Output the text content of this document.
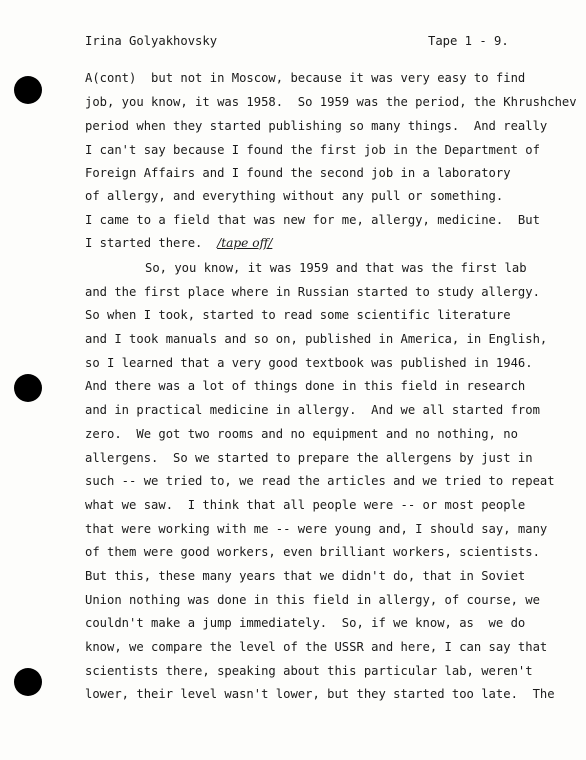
Irina Golyakhovsky	Tape 1 - 9.
A(cont)  but not in Moscow, because it was very easy to find
job, you know, it was 1958.  So 1959 was the period, the Khrushchev
period when they started publishing so many things.  And really
I can't say because I found the first job in the Department of
Foreign Affairs and I found the second job in a laboratory
of allergy, and everything without any pull or something.
I came to a field that was new for me, allergy, medicine.  But
I started there. /tape off/
So, you know, it was 1959 and that was the first lab
and the first place where in Russian started to study allergy.
So when I took, started to read some scientific literature
and I took manuals and so on, published in America, in English,
so I learned that a very good textbook was published in 1946.
And there was a lot of things done in this field in research
and in practical medicine in allergy.  And we all started from
zero.  We got two rooms and no equipment and no nothing, no
allergens.  So we started to prepare the allergens by just in
such -- we tried to, we read the articles and we tried to repeat
what we saw.  I think that all people were -- or most people
that were working with me -- were young and, I should say, many
of them were good workers, even brilliant workers, scientists.
But this, these many years that we didn't do, that in Soviet
Union nothing was done in this field in allergy, of course, we
couldn't make a jump immediately.  So, if we know, as  we do
know, we compare the level of the USSR and here, I can say that
scientists there, speaking about this particular lab, weren't
lower, their level wasn't lower, but they started too late.  The
